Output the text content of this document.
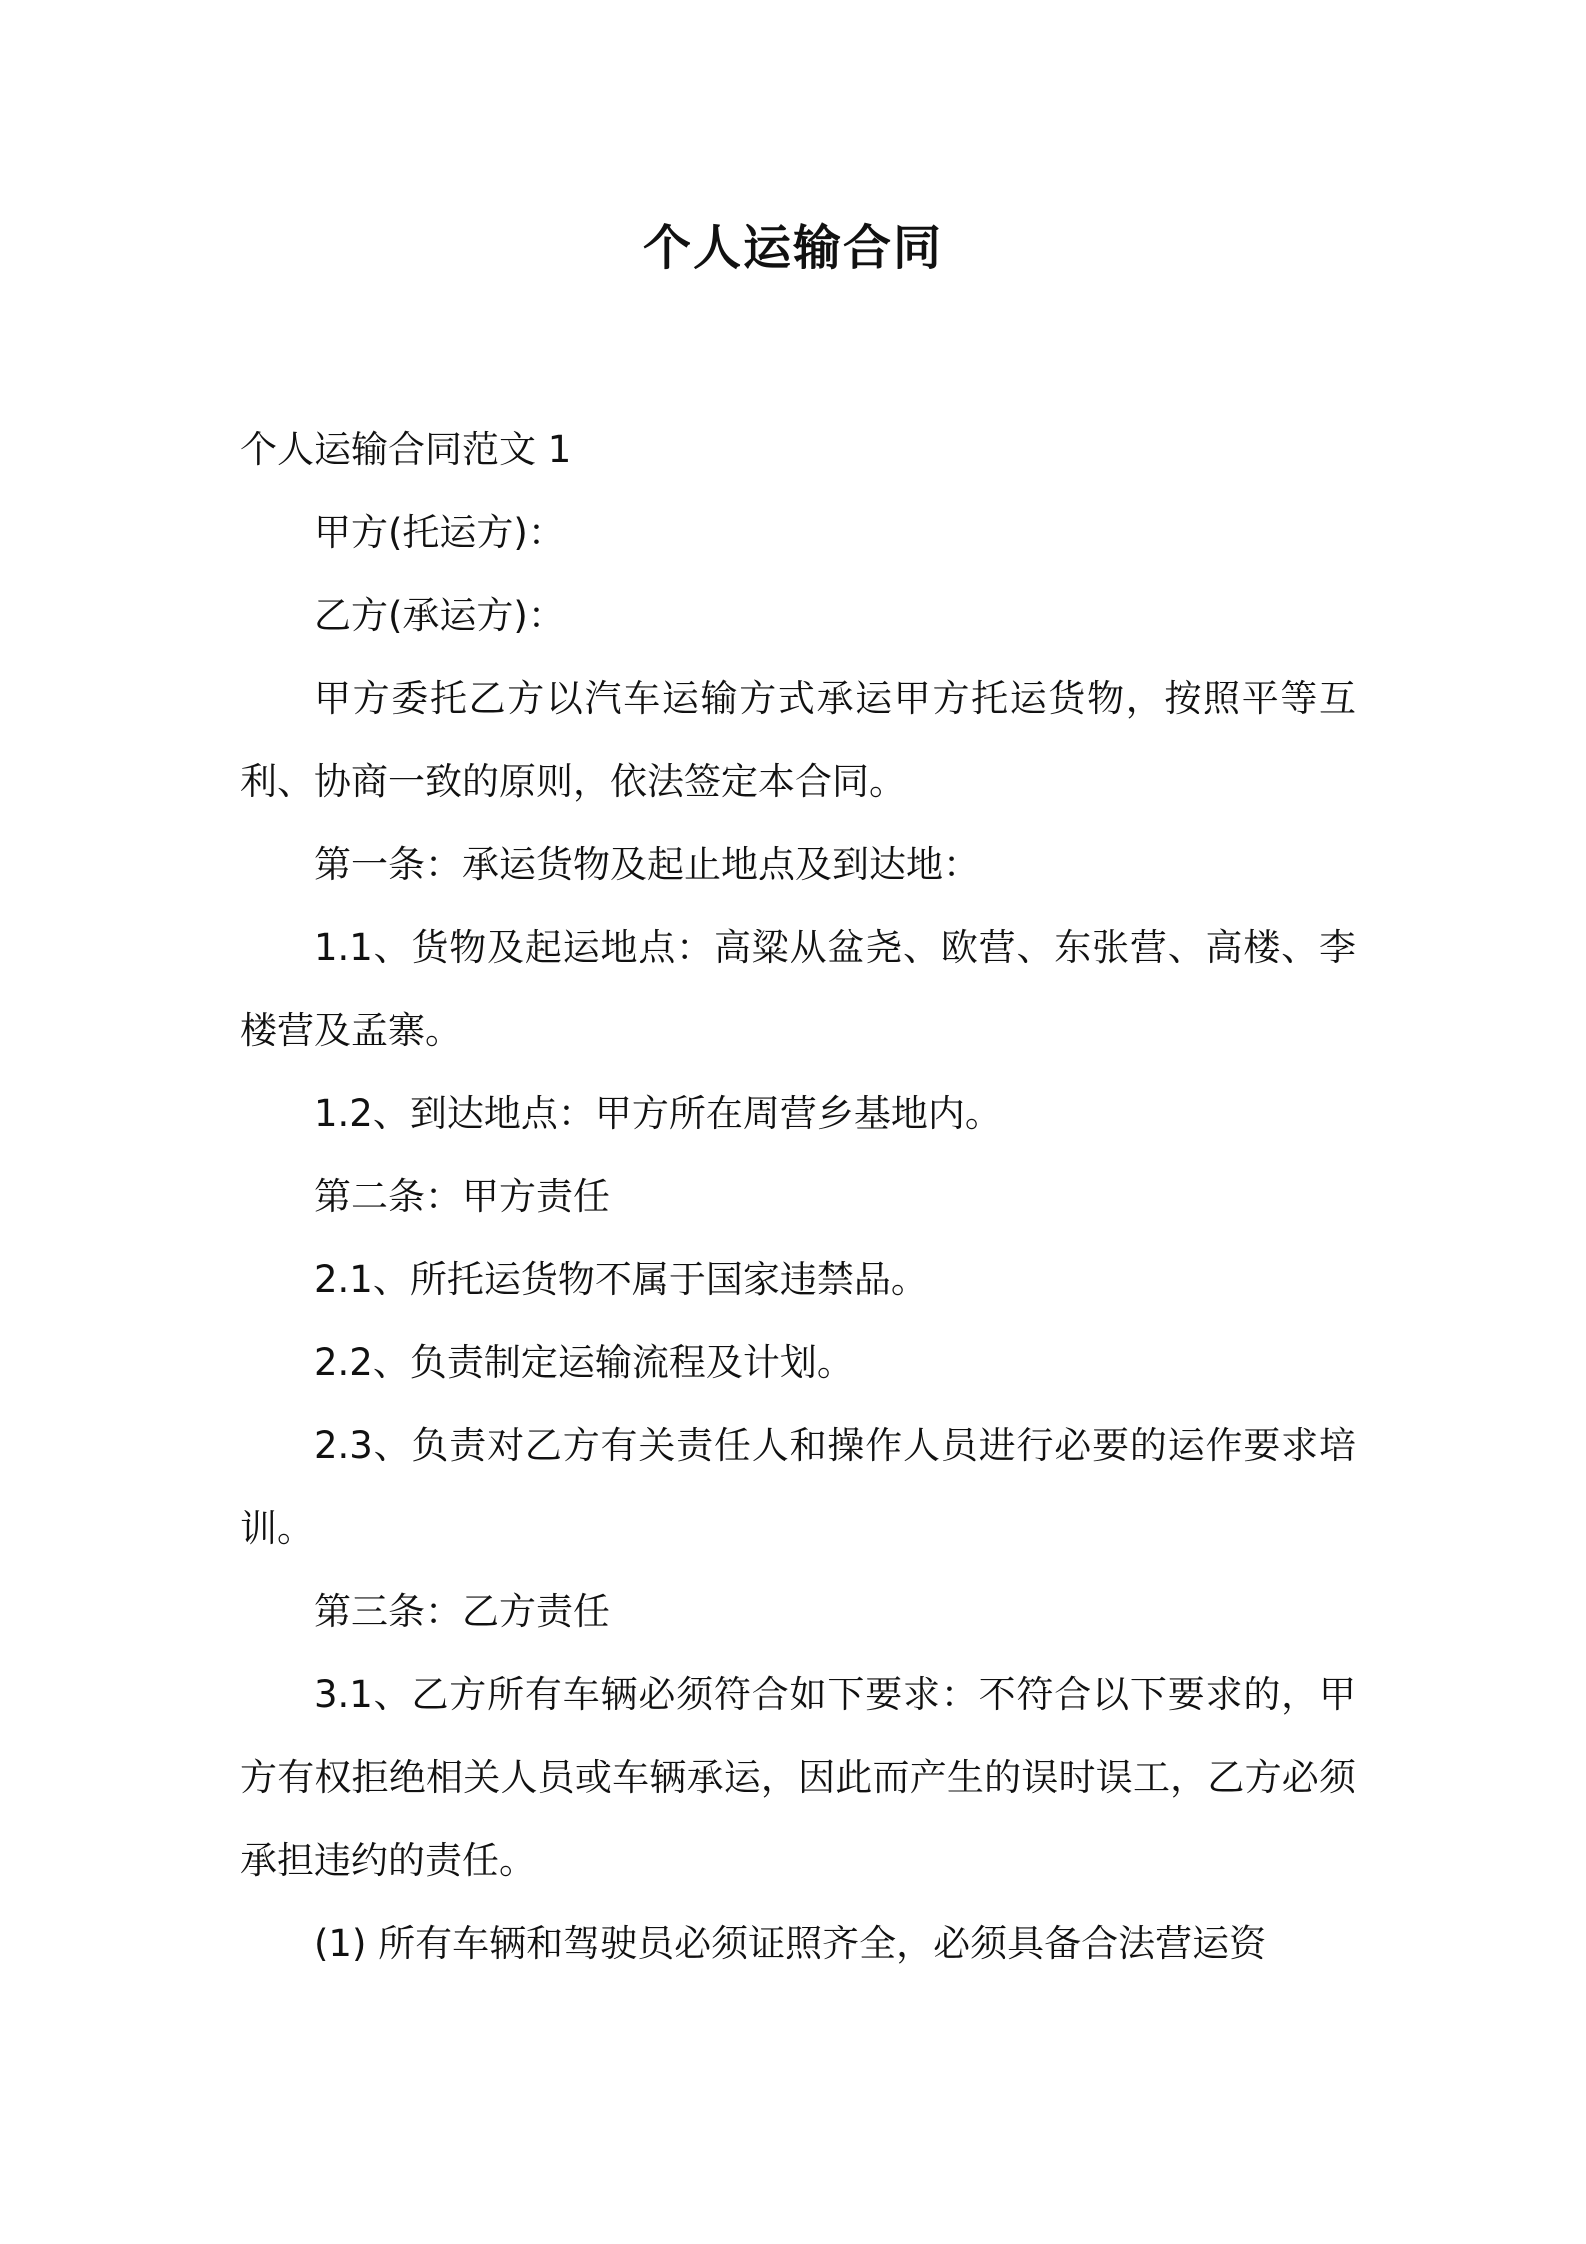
个人运输合同

个人运输合同范文 1

甲方(托运方)：

乙方(承运方)：

甲方委托乙方以汽车运输方式承运甲方托运货物，按照平等互利、协商一致的原则，依法签定本合同。

第一条：承运货物及起止地点及到达地：

1.1、货物及起运地点：高粱从盆尧、欧营、东张营、高楼、李楼营及孟寨。

1.2、到达地点：甲方所在周营乡基地内。

第二条：甲方责任

2.1、所托运货物不属于国家违禁品。

2.2、负责制定运输流程及计划。

2.3、负责对乙方有关责任人和操作人员进行必要的运作要求培训。

第三条：乙方责任

3.1、乙方所有车辆必须符合如下要求：不符合以下要求的，甲方有权拒绝相关人员或车辆承运，因此而产生的误时误工，乙方必须承担违约的责任。

(1) 所有车辆和驾驶员必须证照齐全，必须具备合法营运资
